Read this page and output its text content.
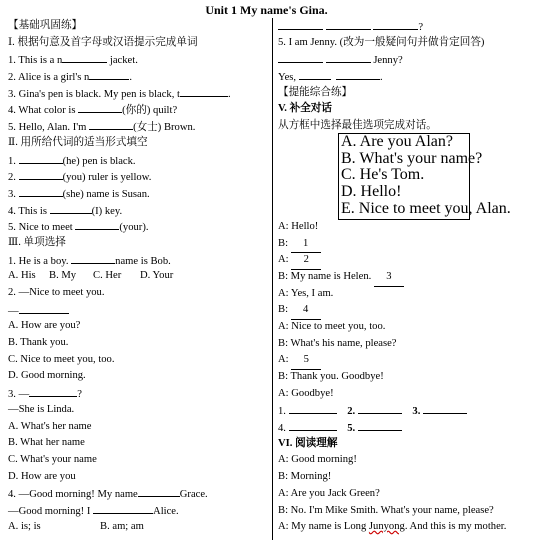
Unit 1 My name's Gina.
【基础巩固练】
Ⅰ. 根据句意及首字母或汉语提示完成单词
1. This is a n	jacket.
2. Alice is a girl's n	.
3. Gina's pen is black. My pen is black, t	.
4. What color is	(你的) quilt?
5. Hello, Alan. I'm	(女士) Brown.
Ⅱ. 用所给代词的适当形式填空
1.	(he) pen is black.
2.	(you) ruler is yellow.
3.	(she) name is Susan.
4. This is	(I) key.
5. Nice to meet	(your).
Ⅲ. 单项选择
1. He is a boy.	name is Bob.
A. His	B. My	C. Her	D. Your
2. —Nice to meet you.
—
A. How are you?
B. Thank you.
C. Nice to meet you, too.
D. Good morning.
3. —	?
—She is Linda.
A. What's her name
B. What her name
C. What's your name
D. How are you
4. —Good morning! My name	Grace.
—Good morning! I	Alice.
A. is; is	B. am; am
?
5. I am Jenny. (改为一般疑问句并做肯定回答)
Jenny?
Yes,	.
【提能综合练】
V. 补全对话
从方框中选择最佳选项完成对话。
A: Hello!
B: 1
A: 2
B: My name is Helen. 3
A: Yes, I am.
B: 4
A: Nice to meet you, too.
B: What's his name, please?
A: 5
B: Thank you. Goodbye!
A: Goodbye!
1.	2.	3.
4.	5.
VI. 阅读理解
A: Good morning!
B: Morning!
A: Are you Jack Green?
B: No. I'm Mike Smith. What's your name, please?
A: My name is Long Junyong. And this is my mother.
A. Are you Alan?
B. What's your name?
C. He's Tom.
D. Hello!
E. Nice to meet you, Alan.
